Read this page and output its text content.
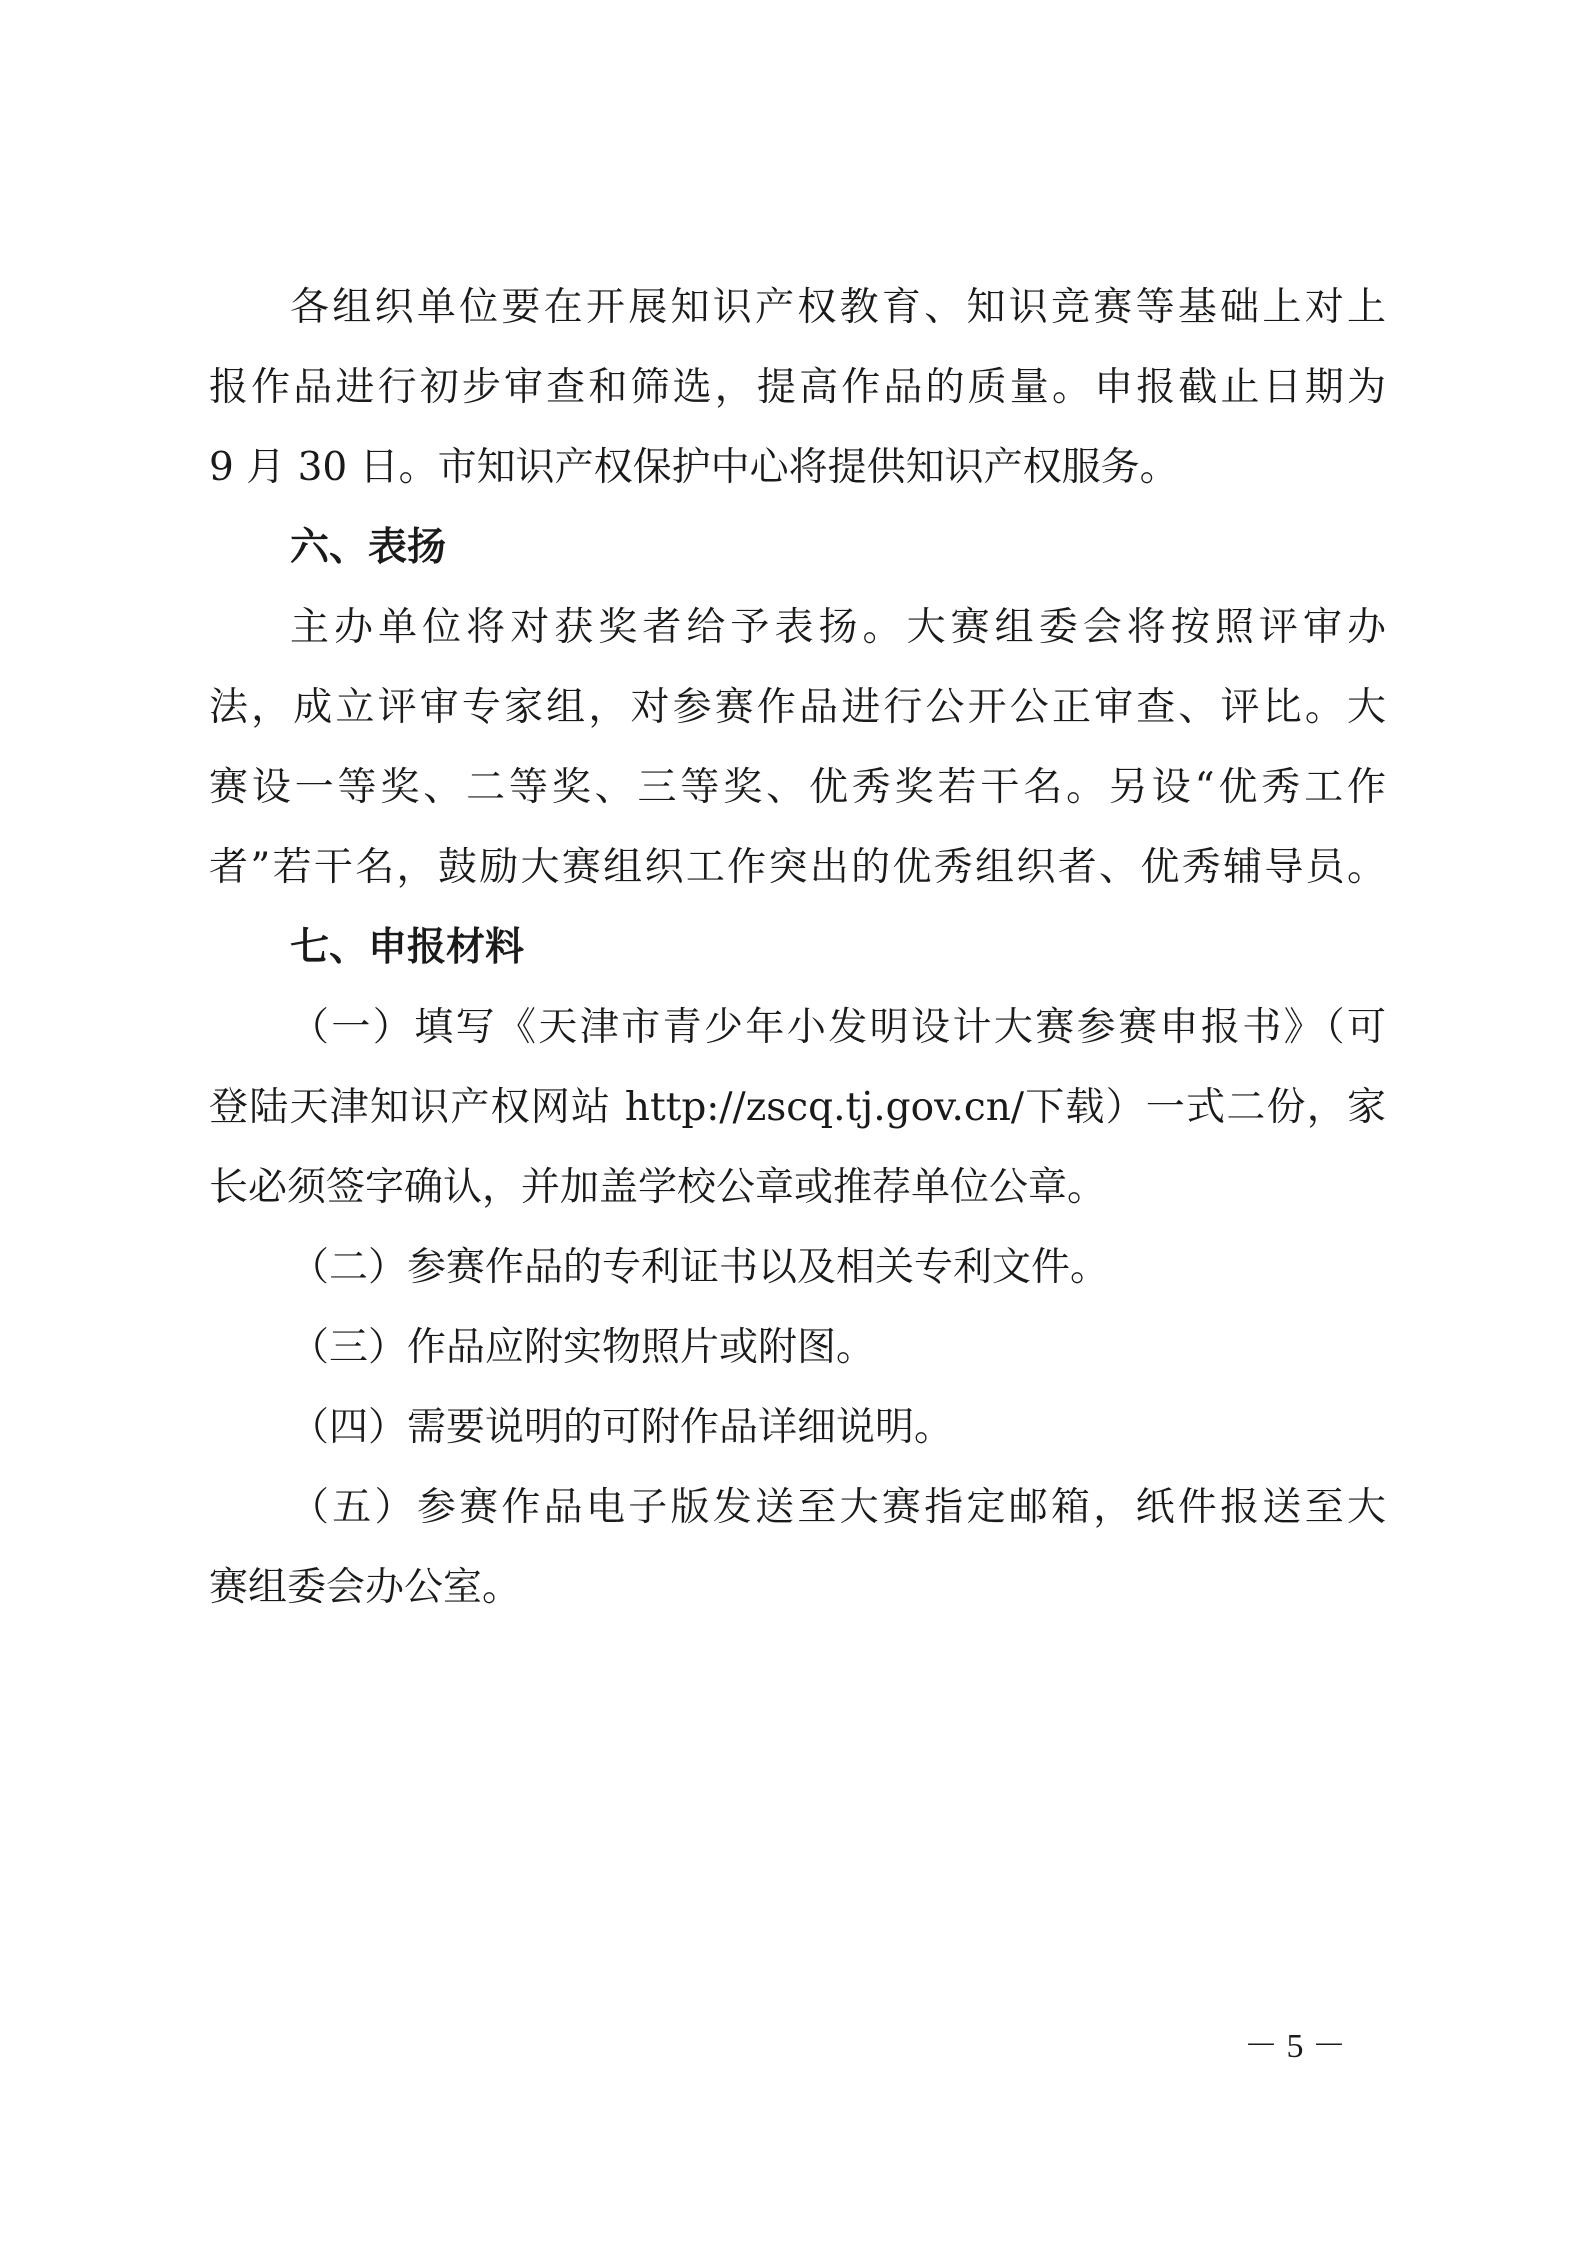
各组织单位要在开展知识产权教育、知识竞赛等基础上对上
报作品进行初步审查和筛选，提高作品的质量。申报截止日期为
9 月 30 日。市知识产权保护中心将提供知识产权服务。
六、表扬
主办单位将对获奖者给予表扬。大赛组委会将按照评审办
法，成立评审专家组，对参赛作品进行公开公正审查、评比。大
赛设一等奖、二等奖、三等奖、优秀奖若干名。另设“优秀工作
者”若干名，鼓励大赛组织工作突出的优秀组织者、优秀辅导员。
七、申报材料
（一）填写《天津市青少年小发明设计大赛参赛申报书》（可
登陆天津知识产权网站 http://zscq.tj.gov.cn/下载）一式二份，家
长必须签字确认，并加盖学校公章或推荐单位公章。
（二）参赛作品的专利证书以及相关专利文件。
（三）作品应附实物照片或附图。
（四）需要说明的可附作品详细说明。
（五）参赛作品电子版发送至大赛指定邮箱，纸件报送至大
赛组委会办公室。
－ 5 －
